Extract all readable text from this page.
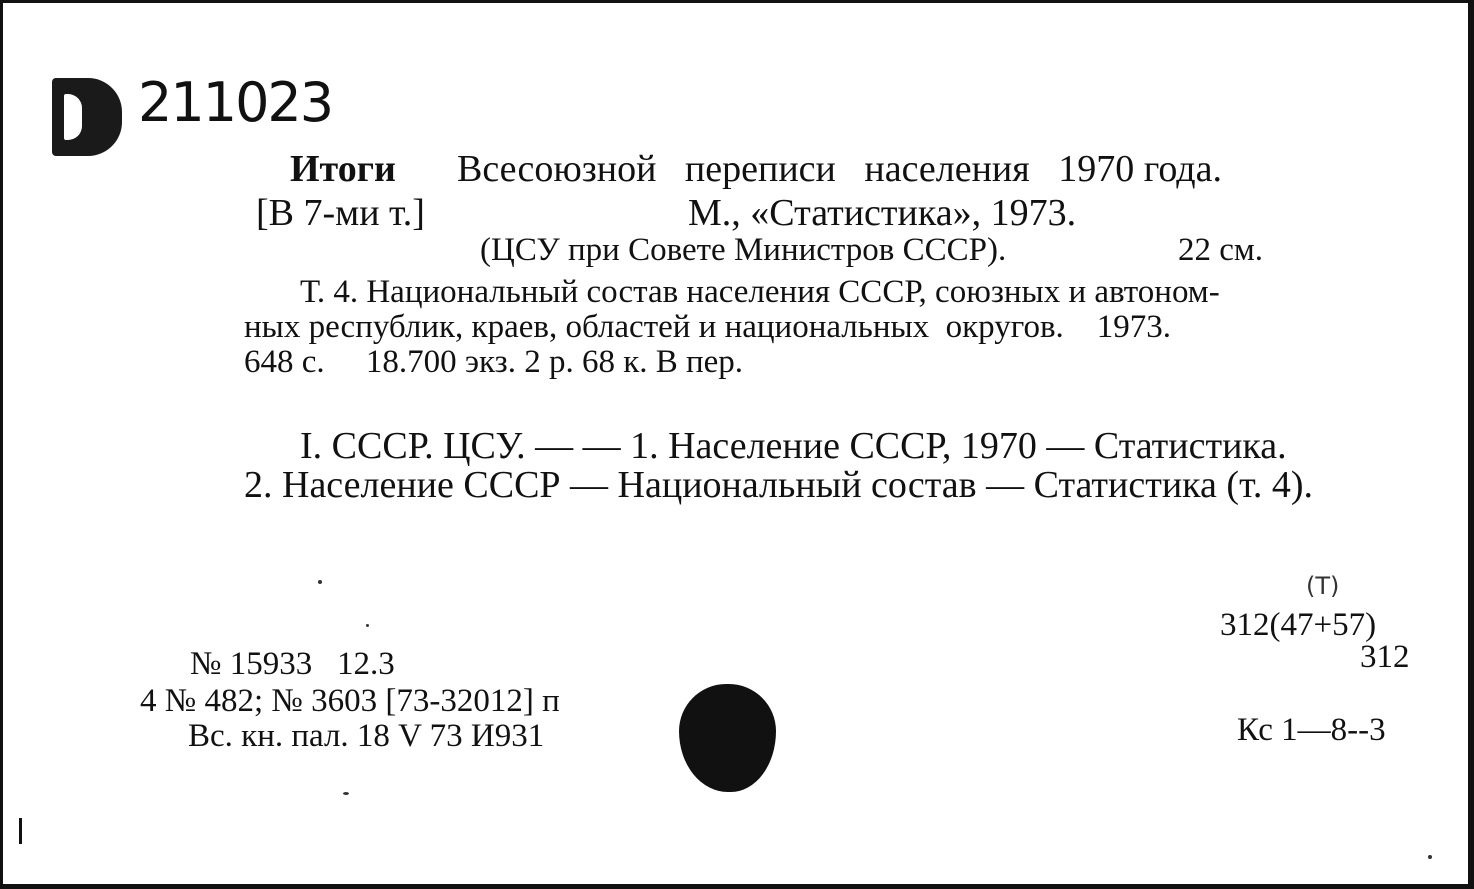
211023
Итоги Всесоюзной   переписи   населения   1970 года.
[В 7-ми т.]	М., «Статистика», 1973.
(ЦСУ при Совете Министров СССР).	22 см.
Т. 4. Национальный состав населения СССР, союзных и автоном-
ных республик, краев, областей и национальных  округов.    1973.
648 с.     18.700 экз. 2 р. 68 к. В пер.
I. СССР. ЦСУ. — — 1. Население СССР, 1970 — Статистика.
2. Население СССР — Национальный состав — Статистика (т. 4).
(Т)
312(47+57)
312
Кс 1—8--3
№ 15933   12.3
4 № 482; № 3603 [73-32012] п
Вс. кн. пал. 18 V 73 И931
